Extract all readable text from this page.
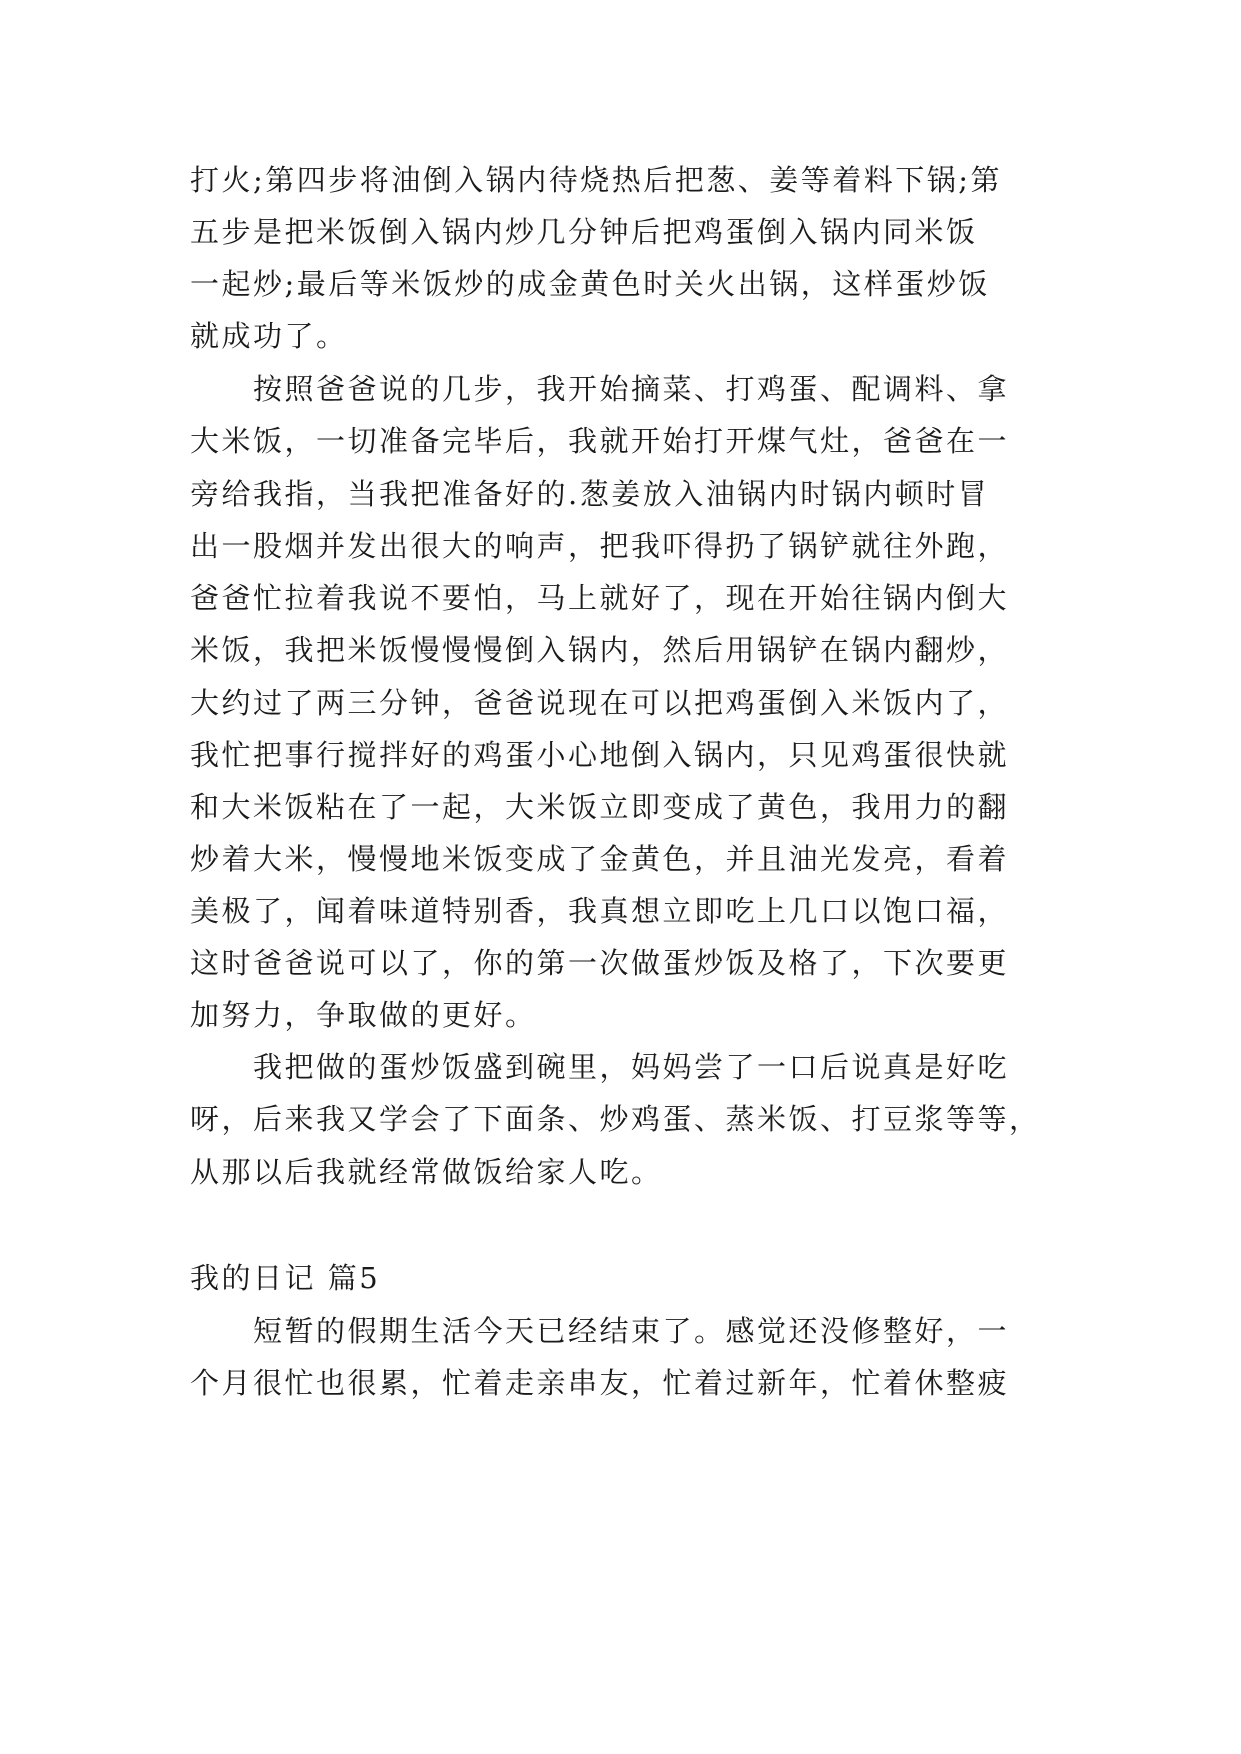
打火;第四步将油倒入锅内待烧热后把葱、姜等着料下锅;第
五步是把米饭倒入锅内炒几分钟后把鸡蛋倒入锅内同米饭
一起炒;最后等米饭炒的成金黄色时关火出锅，这样蛋炒饭
就成功了。
按照爸爸说的几步，我开始摘菜、打鸡蛋、配调料、拿
大米饭，一切准备完毕后，我就开始打开煤气灶，爸爸在一
旁给我指，当我把准备好的.葱姜放入油锅内时锅内顿时冒
出一股烟并发出很大的响声，把我吓得扔了锅铲就往外跑，
爸爸忙拉着我说不要怕，马上就好了，现在开始往锅内倒大
米饭，我把米饭慢慢慢倒入锅内，然后用锅铲在锅内翻炒，
大约过了两三分钟，爸爸说现在可以把鸡蛋倒入米饭内了，
我忙把事行搅拌好的鸡蛋小心地倒入锅内，只见鸡蛋很快就
和大米饭粘在了一起，大米饭立即变成了黄色，我用力的翻
炒着大米，慢慢地米饭变成了金黄色，并且油光发亮，看着
美极了，闻着味道特别香，我真想立即吃上几口以饱口福，
这时爸爸说可以了，你的第一次做蛋炒饭及格了，下次要更
加努力，争取做的更好。
我把做的蛋炒饭盛到碗里，妈妈尝了一口后说真是好吃
呀，后来我又学会了下面条、炒鸡蛋、蒸米饭、打豆浆等等，
从那以后我就经常做饭给家人吃。
我的日记 篇5
短暂的假期生活今天已经结束了。感觉还没修整好，一
个月很忙也很累，忙着走亲串友，忙着过新年，忙着休整疲
